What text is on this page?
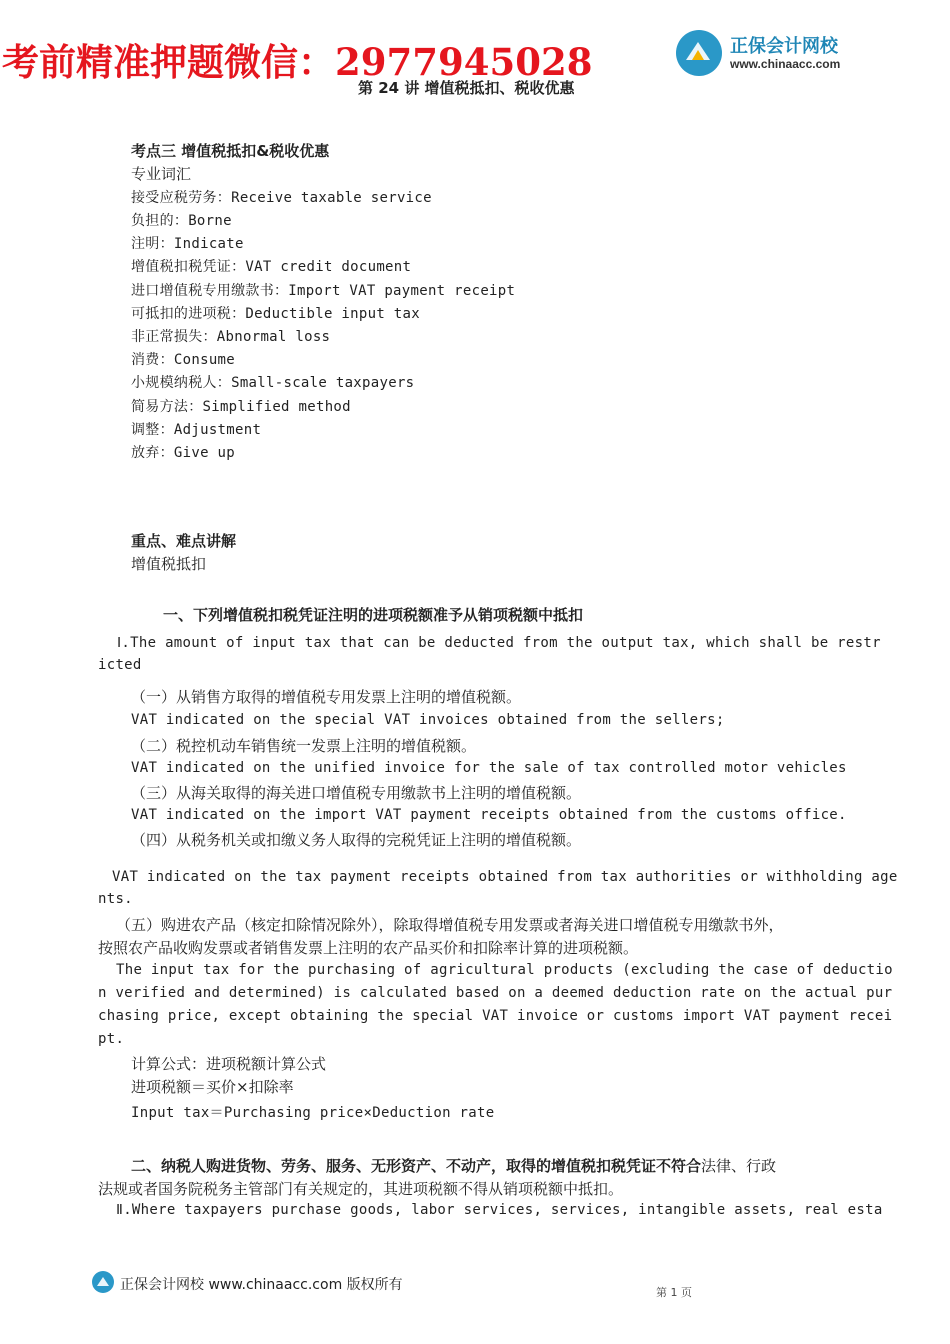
考前精准押题微信：2977945028	正保会计网校
www.chinaacc.com
第 24 讲 增值税抵扣、税收优惠
考点三 增值税抵扣&税收优惠
专业词汇
接受应税劳务：Receive taxable service
负担的：Borne
注明：Indicate
增值税扣税凭证：VAT credit document
进口增值税专用缴款书：Import VAT payment receipt
可抵扣的进项税：Deductible input tax
非正常损失：Abnormal loss
消费：Consume
小规模纳税人：Small-scale taxpayers
简易方法：Simplified method
调整：Adjustment
放弃：Give up
重点、难点讲解
增值税抵扣
一、下列增值税扣税凭证注明的进项税额准予从销项税额中抵扣
Ⅰ.The amount of input tax that can be deducted from the output tax, which shall be restr
icted
（一）从销售方取得的增值税专用发票上注明的增值税额。
VAT indicated on the special VAT invoices obtained from the sellers;
（二）税控机动车销售统一发票上注明的增值税额。
VAT indicated on the unified invoice for the sale of tax controlled motor vehicles
（三）从海关取得的海关进口增值税专用缴款书上注明的增值税额。
VAT indicated on the import VAT payment receipts obtained from the customs office.
（四）从税务机关或扣缴义务人取得的完税凭证上注明的增值税额。
VAT indicated on the tax payment receipts obtained from tax authorities or withholding age
nts.
（五）购进农产品（核定扣除情况除外），除取得增值税专用发票或者海关进口增值税专用缴款书外，
按照农产品收购发票或者销售发票上注明的农产品买价和扣除率计算的进项税额。
The input tax for the purchasing of agricultural products (excluding the case of deductio
n verified and determined) is calculated based on a deemed deduction rate on the actual pur
chasing price, except obtaining the special VAT invoice or customs import VAT payment recei
pt.
计算公式：进项税额计算公式
进项税额＝买价×扣除率
Input tax＝Purchasing price×Deduction rate
二、纳税人购进货物、劳务、服务、无形资产、不动产，取得的增值税扣税凭证不符合法律、行政
法规或者国务院税务主管部门有关规定的，其进项税额不得从销项税额中抵扣。
Ⅱ.Where taxpayers purchase goods, labor services, services, intangible assets, real esta
正保会计网校 www.chinaacc.com 版权所有	第 1 页
